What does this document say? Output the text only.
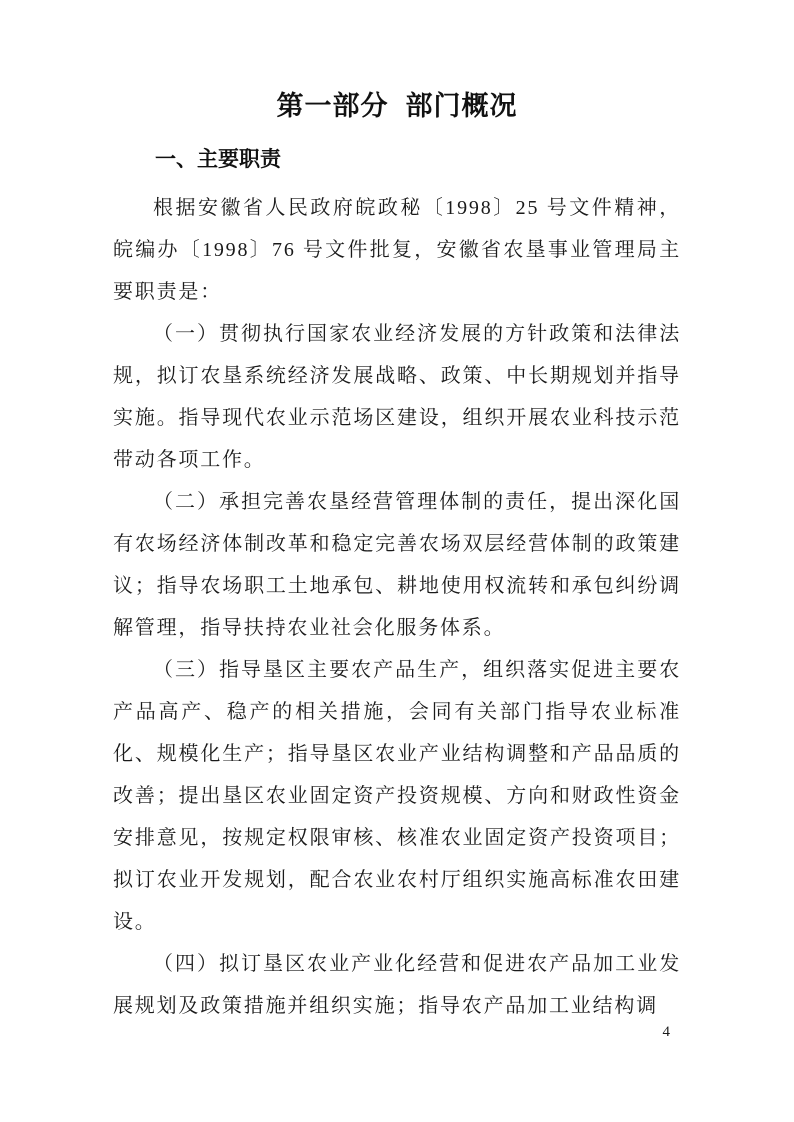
第一部分  部门概况
一、主要职责

根据安徽省人民政府皖政秘〔1998〕25 号文件精神，皖编办〔1998〕76 号文件批复，安徽省农垦事业管理局主要职责是：

（一）贯彻执行国家农业经济发展的方针政策和法律法规，拟订农垦系统经济发展战略、政策、中长期规划并指导实施。指导现代农业示范场区建设，组织开展农业科技示范带动各项工作。

（二）承担完善农垦经营管理体制的责任，提出深化国有农场经济体制改革和稳定完善农场双层经营体制的政策建议；指导农场职工土地承包、耕地使用权流转和承包纠纷调解管理，指导扶持农业社会化服务体系。

（三）指导垦区主要农产品生产，组织落实促进主要农产品高产、稳产的相关措施，会同有关部门指导农业标准化、规模化生产；指导垦区农业产业结构调整和产品品质的改善；提出垦区农业固定资产投资规模、方向和财政性资金安排意见，按规定权限审核、核准农业固定资产投资项目；拟订农业开发规划，配合农业农村厅组织实施高标准农田建设。

（四）拟订垦区农业产业化经营和促进农产品加工业发展规划及政策措施并组织实施；指导农产品加工业结构调

4
